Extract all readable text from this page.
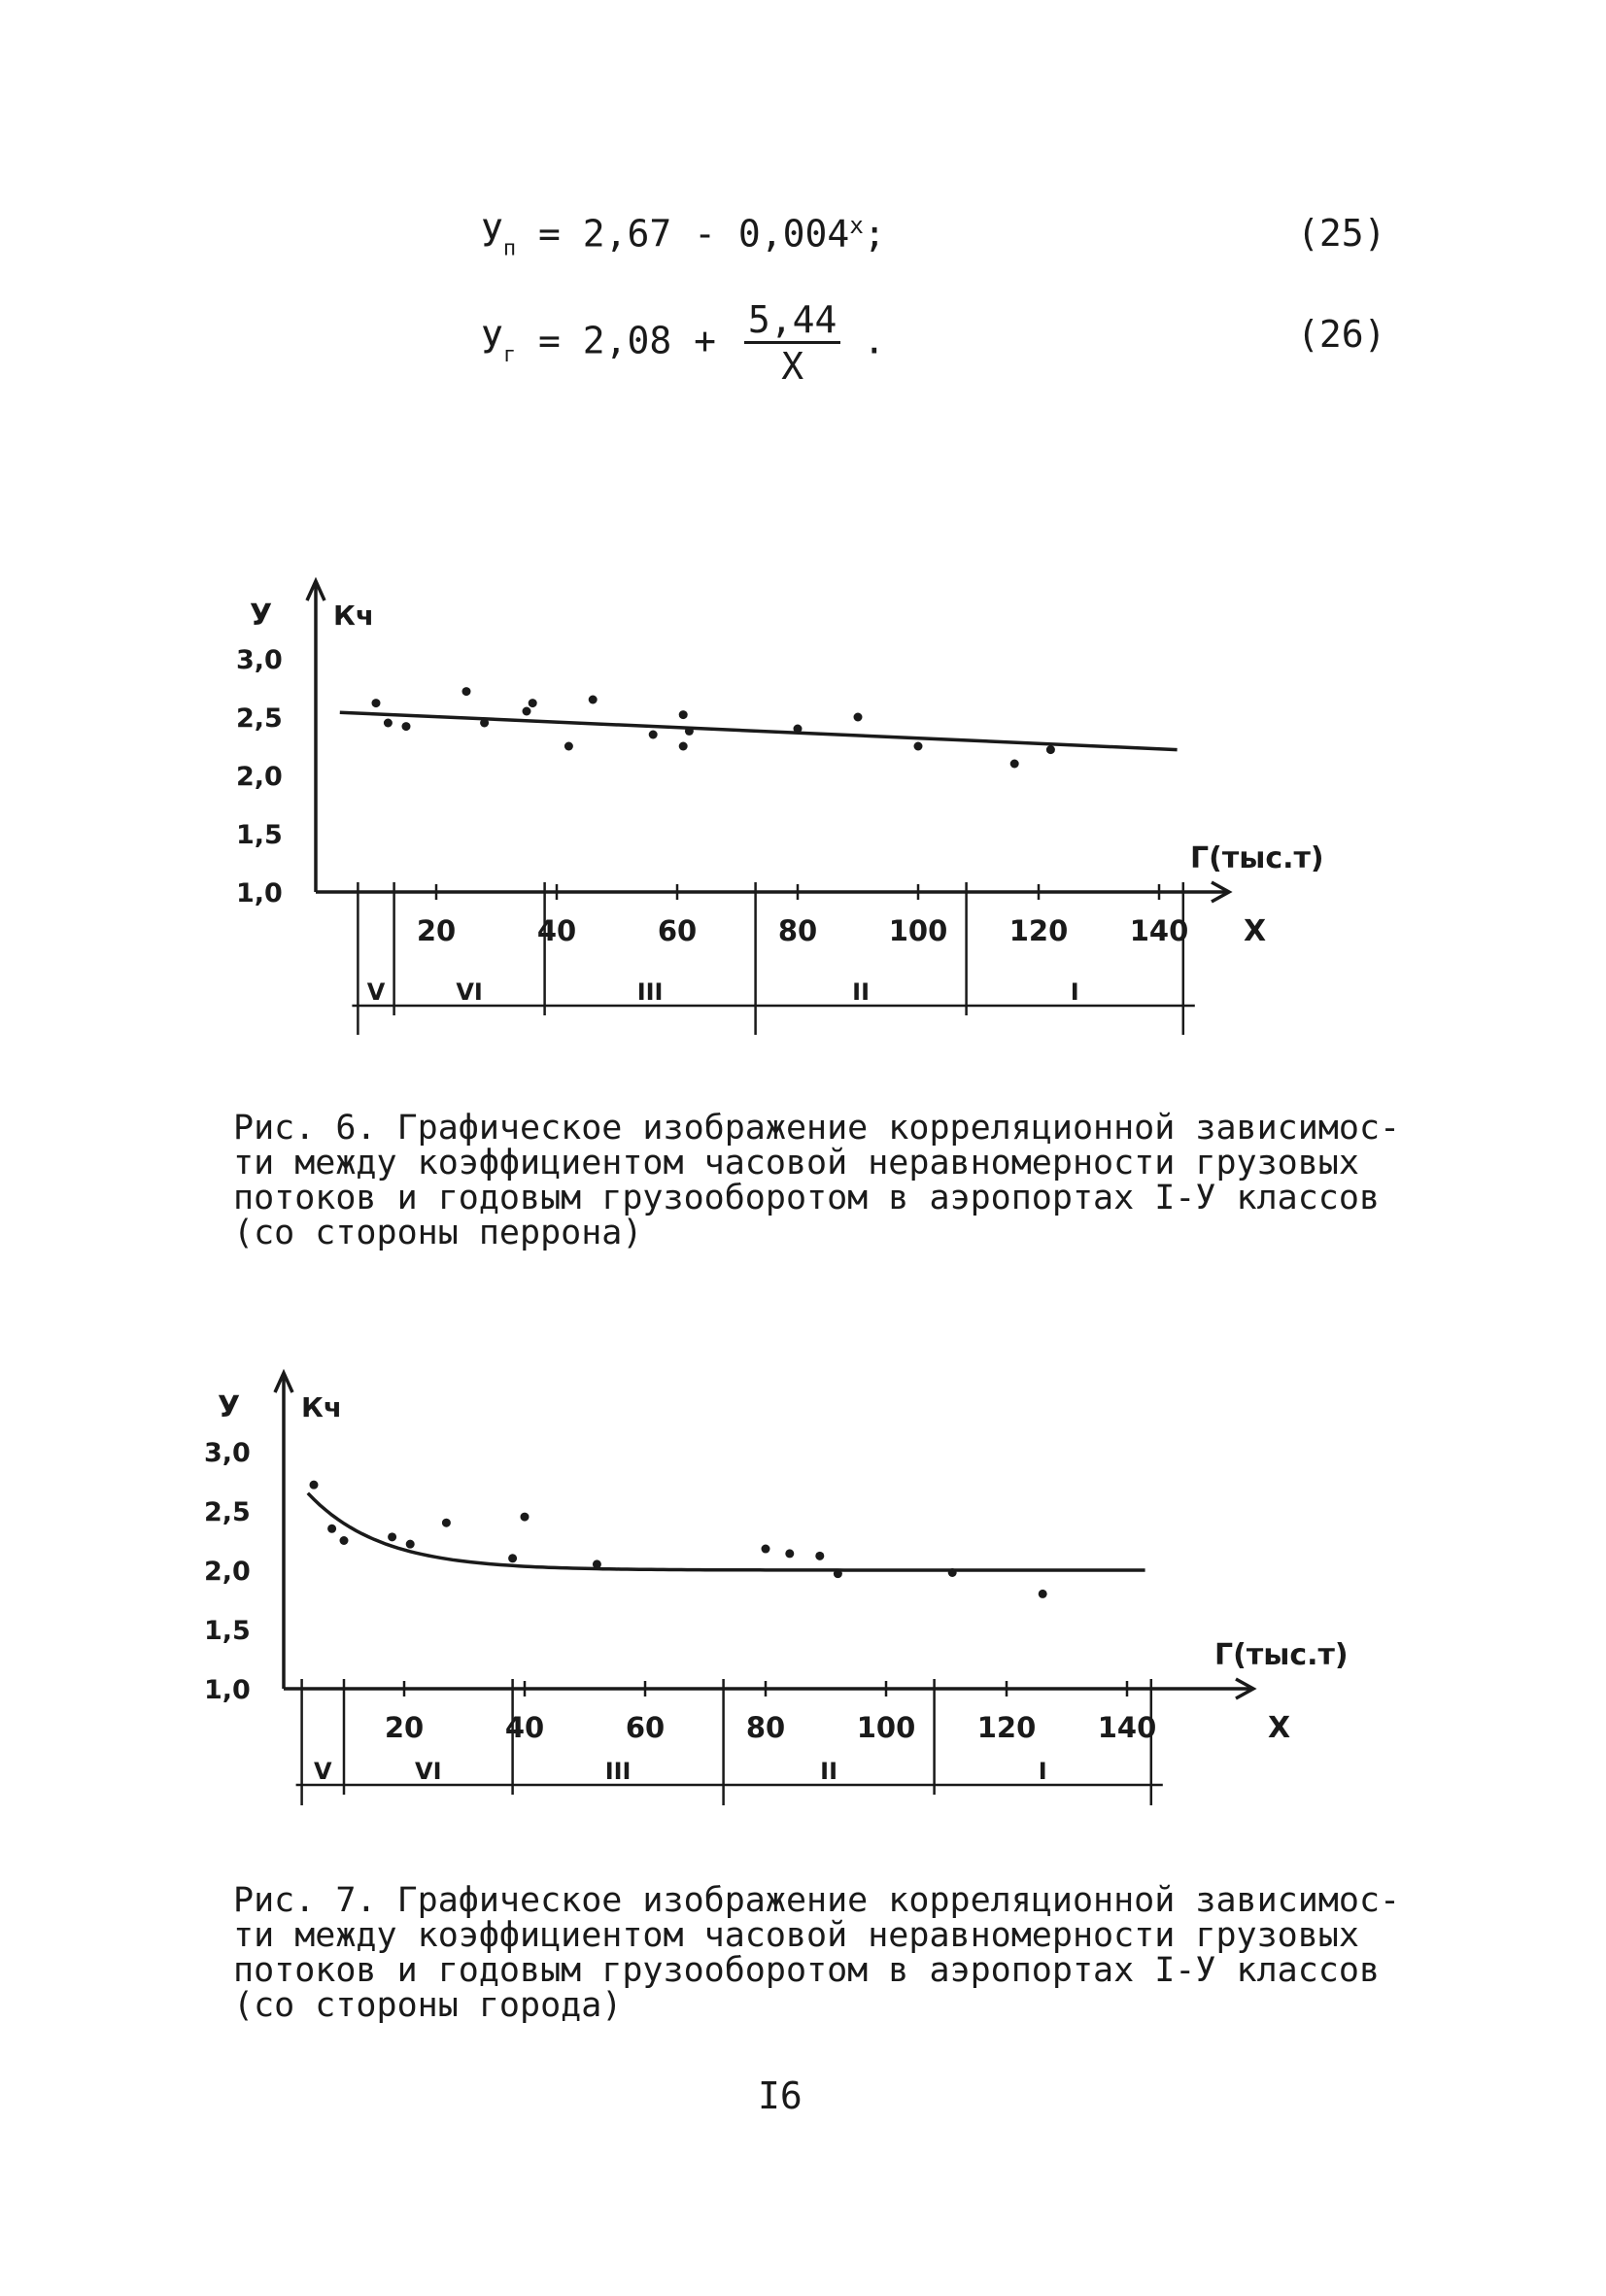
$У_п = 2,67 - 0,004^x$;	(25)
$У_г = 2,08 + \frac{5,44}{X}$ .	(26)
У Кч
Г(тыс.т)
X
3,0
2,5
2,0
1,5
1,0
20	40	60	80	100 120 140
V	VI	III	II	I
Рис. 6. Графическое изображение корреляционной зависимос-
ти между коэффициентом часовой неравномерности грузовых
потоков и годовым грузооборотом в аэропортах I-У классов
(со стороны перрона)
У Кч
Г(тыс.т)
X
3,0
2,5
2,0
1,5
1,0
20	40	60	80	100 120 140
V	VI	III	II	I
Рис. 7. Графическое изображение корреляционной зависимос-
ти между коэффициентом часовой неравномерности грузовых
потоков и годовым грузооборотом в аэропортах I-У классов
(со стороны города)
I6
